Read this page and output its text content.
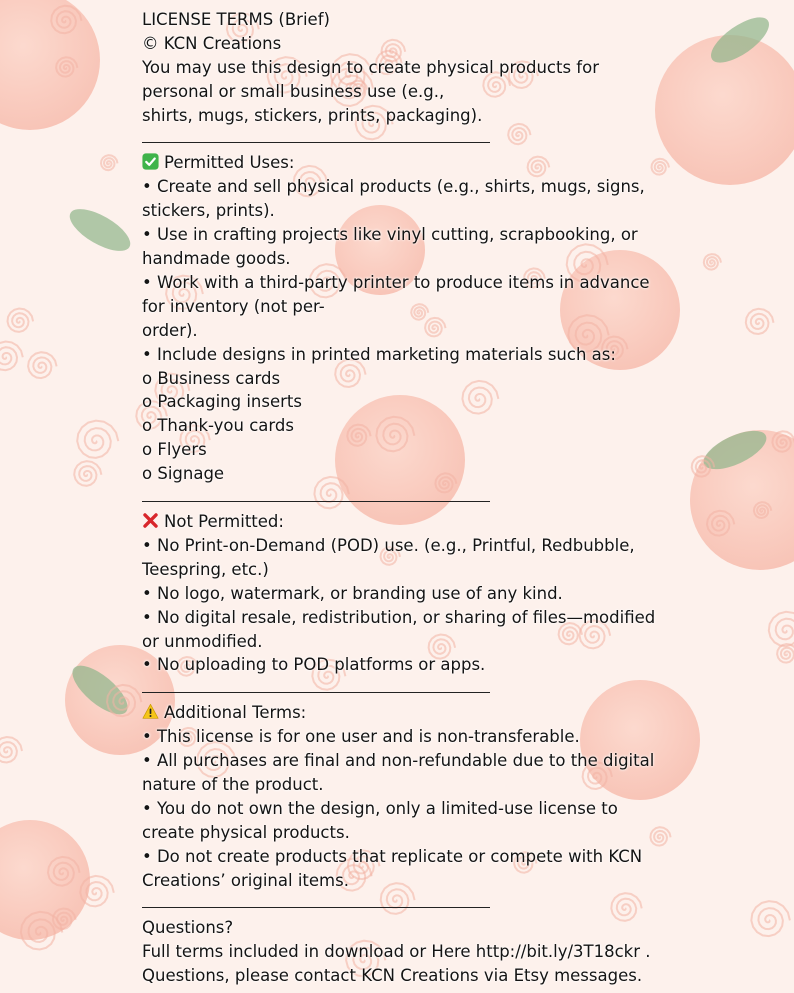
LICENSE TERMS (Brief)
© KCN Creations
You may use this design to create physical products for
personal or small business use (e.g.,
shirts, mugs, stickers, prints, packaging).
Permitted Uses:
• Create and sell physical products (e.g., shirts, mugs, signs,
stickers, prints).
• Use in crafting projects like vinyl cutting, scrapbooking, or
handmade goods.
• Work with a third-party printer to produce items in advance
for inventory (not per-
order).
• Include designs in printed marketing materials such as:
o Business cards
o Packaging inserts
o Thank-you cards
o Flyers
o Signage
Not Permitted:
• No Print-on-Demand (POD) use. (e.g., Printful, Redbubble,
Teespring, etc.)
• No logo, watermark, or branding use of any kind.
• No digital resale, redistribution, or sharing of files—modified
or unmodified.
• No uploading to POD platforms or apps.
Additional Terms:
• This license is for one user and is non-transferable.
• All purchases are final and non-refundable due to the digital
nature of the product.
• You do not own the design, only a limited-use license to
create physical products.
• Do not create products that replicate or compete with KCN
Creations’ original items.
Questions?
Full terms included in download or Here http://bit.ly/3T18ckr .
Questions, please contact KCN Creations via Etsy messages.
